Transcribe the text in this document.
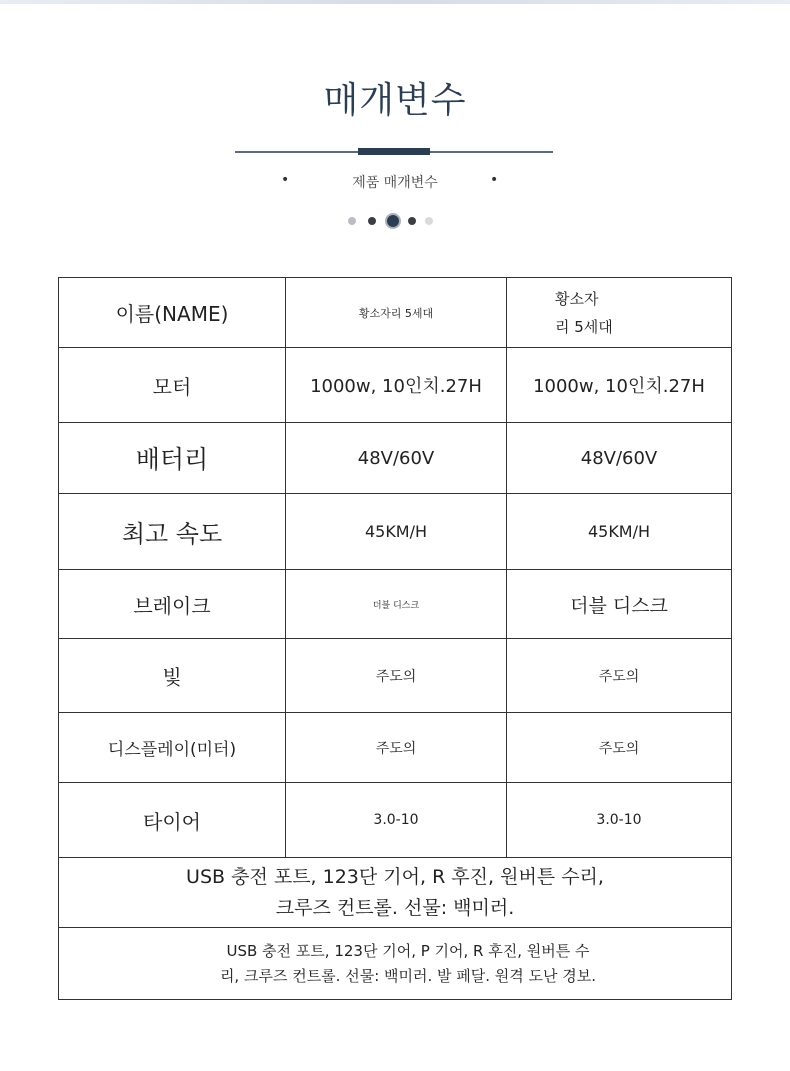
매개변수
•	제품 매개변수	•
이름(NAME)	황소자리 5세대	황소자
리 5세대
모터	1000w, 10인치.27H	1000w, 10인치.27H
배터리	48V/60V	48V/60V
최고 속도	45KM/H	45KM/H
브레이크	더블 디스크	더블 디스크
빛	주도의	주도의
디스플레이(미터)	주도의	주도의
타이어	3.0-10	3.0-10
USB 충전 포트, 123단 기어, R 후진, 원버튼 수리,
크루즈 컨트롤. 선물: 백미러.		
USB 충전 포트, 123단 기어, P 기어, R 후진, 원버튼 수
리, 크루즈 컨트롤. 선물: 백미러. 발 페달. 원격 도난 경보.		
